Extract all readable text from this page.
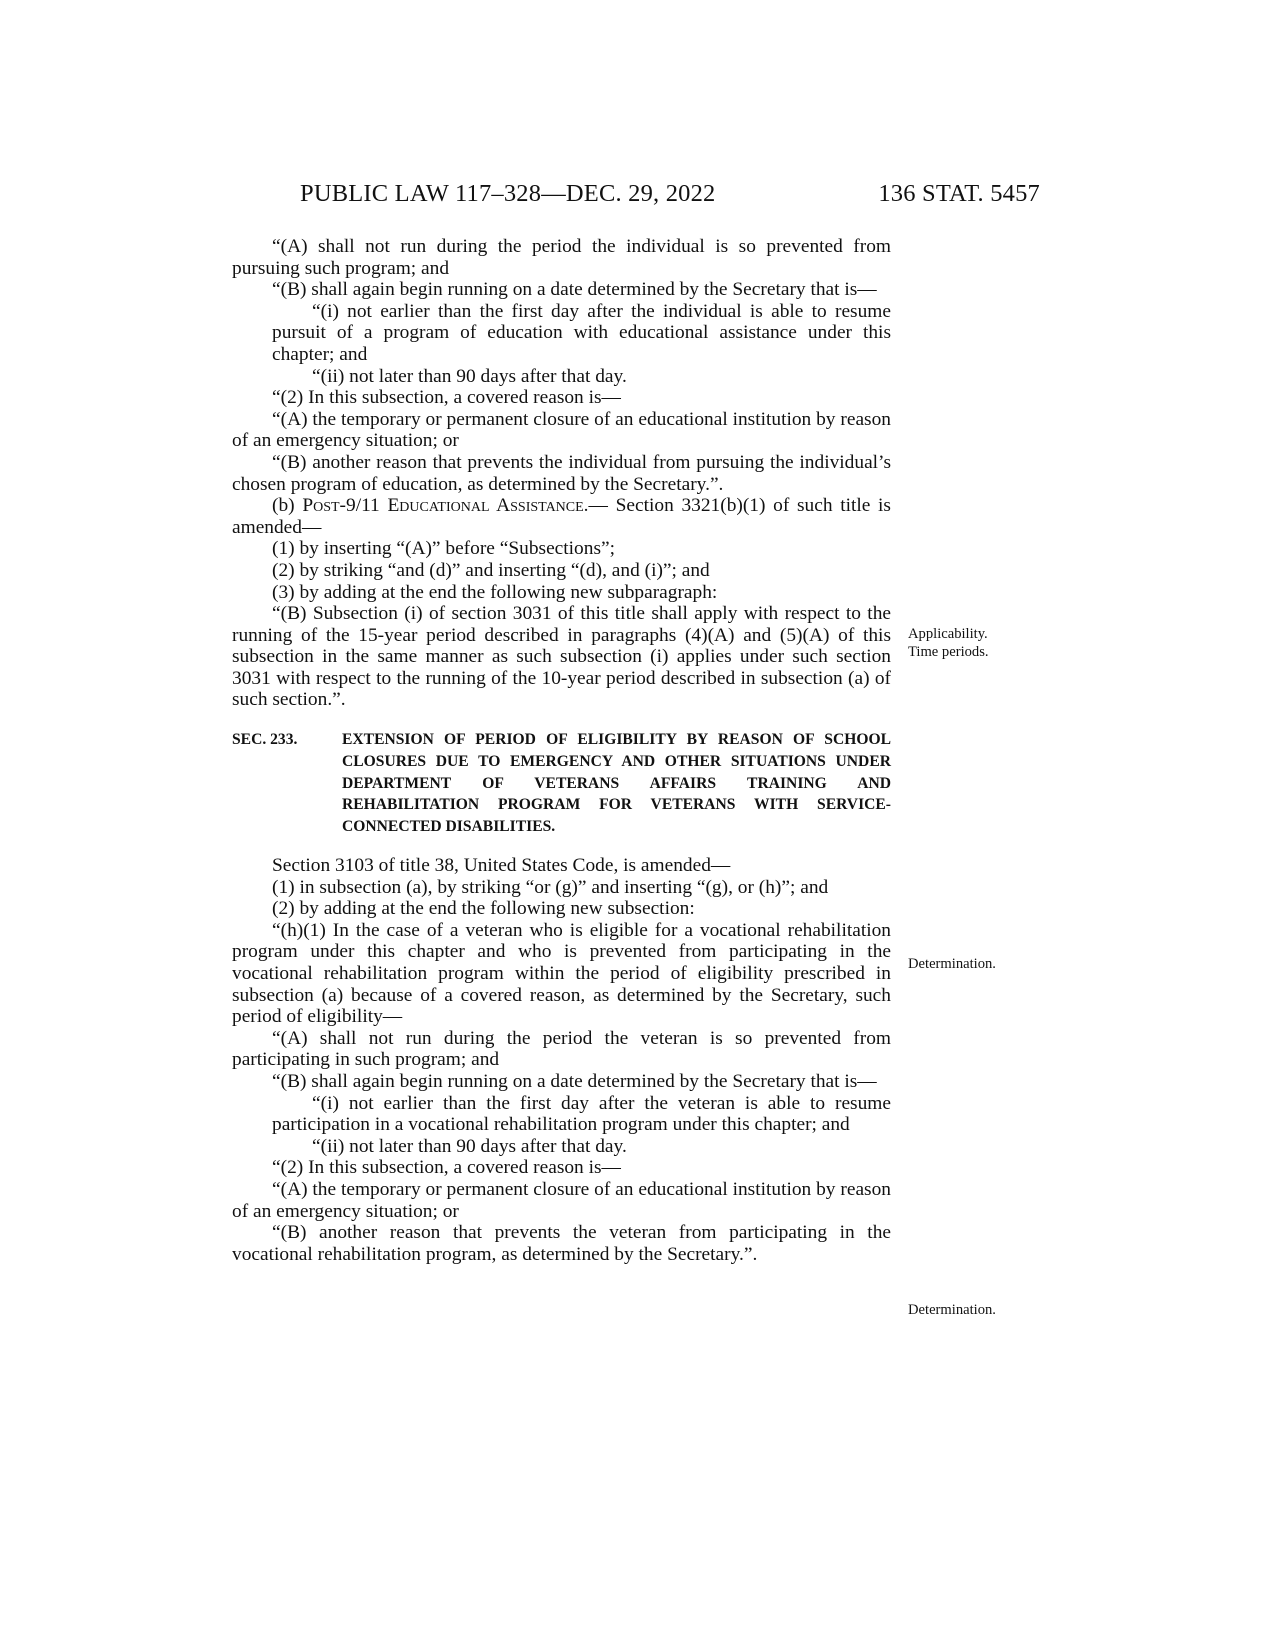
PUBLIC LAW 117–328—DEC. 29, 2022	136 STAT. 5457

“(A) shall not run during the period the individual is so prevented from pursuing such program; and

“(B) shall again begin running on a date determined by the Secretary that is—

“(i) not earlier than the first day after the individual is able to resume pursuit of a program of education with educational assistance under this chapter; and

“(ii) not later than 90 days after that day.

“(2) In this subsection, a covered reason is—

“(A) the temporary or permanent closure of an educational institution by reason of an emergency situation; or

“(B) another reason that prevents the individual from pursuing the individual’s chosen program of education, as determined by the Secretary.”.

(b) Post-9/11 Educational Assistance.— Section 3321(b)(1) of such title is amended—

(1) by inserting “(A)” before “Subsections”;

(2) by striking “and (d)” and inserting “(d), and (i)”; and

(3) by adding at the end the following new subparagraph:

“(B) Subsection (i) of section 3031 of this title shall apply with respect to the running of the 15-year period described in paragraphs (4)(A) and (5)(A) of this subsection in the same manner as such subsection (i) applies under such section 3031 with respect to the running of the 10-year period described in subsection (a) of such section.”.

SEC. 233.	EXTENSION OF PERIOD OF ELIGIBILITY BY REASON OF SCHOOL CLOSURES DUE TO EMERGENCY AND OTHER SITUATIONS UNDER DEPARTMENT OF VETERANS AFFAIRS TRAINING AND REHABILITATION PROGRAM FOR VETERANS WITH SERVICE-CONNECTED DISABILITIES.

Section 3103 of title 38, United States Code, is amended—

(1) in subsection (a), by striking “or (g)” and inserting “(g), or (h)”; and

(2) by adding at the end the following new subsection:

“(h)(1) In the case of a veteran who is eligible for a vocational rehabilitation program under this chapter and who is prevented from participating in the vocational rehabilitation program within the period of eligibility prescribed in subsection (a) because of a covered reason, as determined by the Secretary, such period of eligibility—

“(A) shall not run during the period the veteran is so prevented from participating in such program; and

“(B) shall again begin running on a date determined by the Secretary that is—

“(i) not earlier than the first day after the veteran is able to resume participation in a vocational rehabilitation program under this chapter; and

“(ii) not later than 90 days after that day.

“(2) In this subsection, a covered reason is—

“(A) the temporary or permanent closure of an educational institution by reason of an emergency situation; or

“(B) another reason that prevents the veteran from participating in the vocational rehabilitation program, as determined by the Secretary.”.

Applicability.
Time periods.
Determination.
Determination.
